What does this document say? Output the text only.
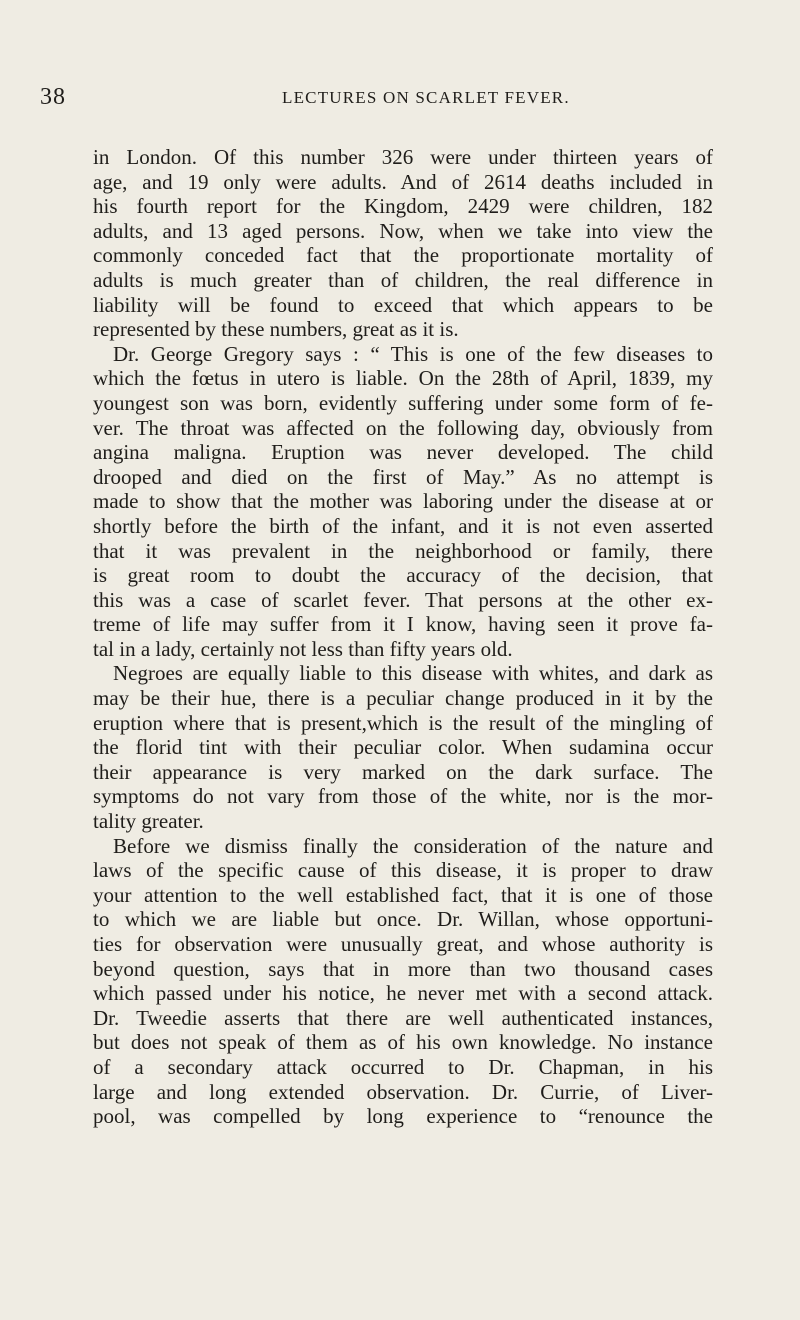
38	LECTURES ON SCARLET FEVER.
in London. Of this number 326 were under thirteen years of
age, and 19 only were adults. And of 2614 deaths included in
his fourth report for the Kingdom, 2429 were children, 182
adults, and 13 aged persons. Now, when we take into view the
commonly conceded fact that the proportionate mortality of
adults is much greater than of children, the real difference in
liability will be found to exceed that which appears to be
represented by these numbers, great as it is.
Dr. George Gregory says : “ This is one of the few diseases to
which the fœtus in utero is liable. On the 28th of April, 1839, my
youngest son was born, evidently suffering under some form of fe-
ver. The throat was affected on the following day, obviously from
angina maligna. Eruption was never developed. The child
drooped and died on the first of May.” As no attempt is
made to show that the mother was laboring under the disease at or
shortly before the birth of the infant, and it is not even asserted
that it was prevalent in the neighborhood or family, there
is great room to doubt the accuracy of the decision, that
this was a case of scarlet fever. That persons at the other ex-
treme of life may suffer from it I know, having seen it prove fa-
tal in a lady, certainly not less than fifty years old.
Negroes are equally liable to this disease with whites, and dark as
may be their hue, there is a peculiar change produced in it by the
eruption where that is present,which is the result of the mingling of
the florid tint with their peculiar color. When sudamina occur
their appearance is very marked on the dark surface. The
symptoms do not vary from those of the white, nor is the mor-
tality greater.
Before we dismiss finally the consideration of the nature and
laws of the specific cause of this disease, it is proper to draw
your attention to the well established fact, that it is one of those
to which we are liable but once. Dr. Willan, whose opportuni-
ties for observation were unusually great, and whose authority is
beyond question, says that in more than two thousand cases
which passed under his notice, he never met with a second attack.
Dr. Tweedie asserts that there are well authenticated instances,
but does not speak of them as of his own knowledge. No instance
of a secondary attack occurred to Dr. Chapman, in his
large and long extended observation. Dr. Currie, of Liver-
pool, was compelled by long experience to “renounce the
